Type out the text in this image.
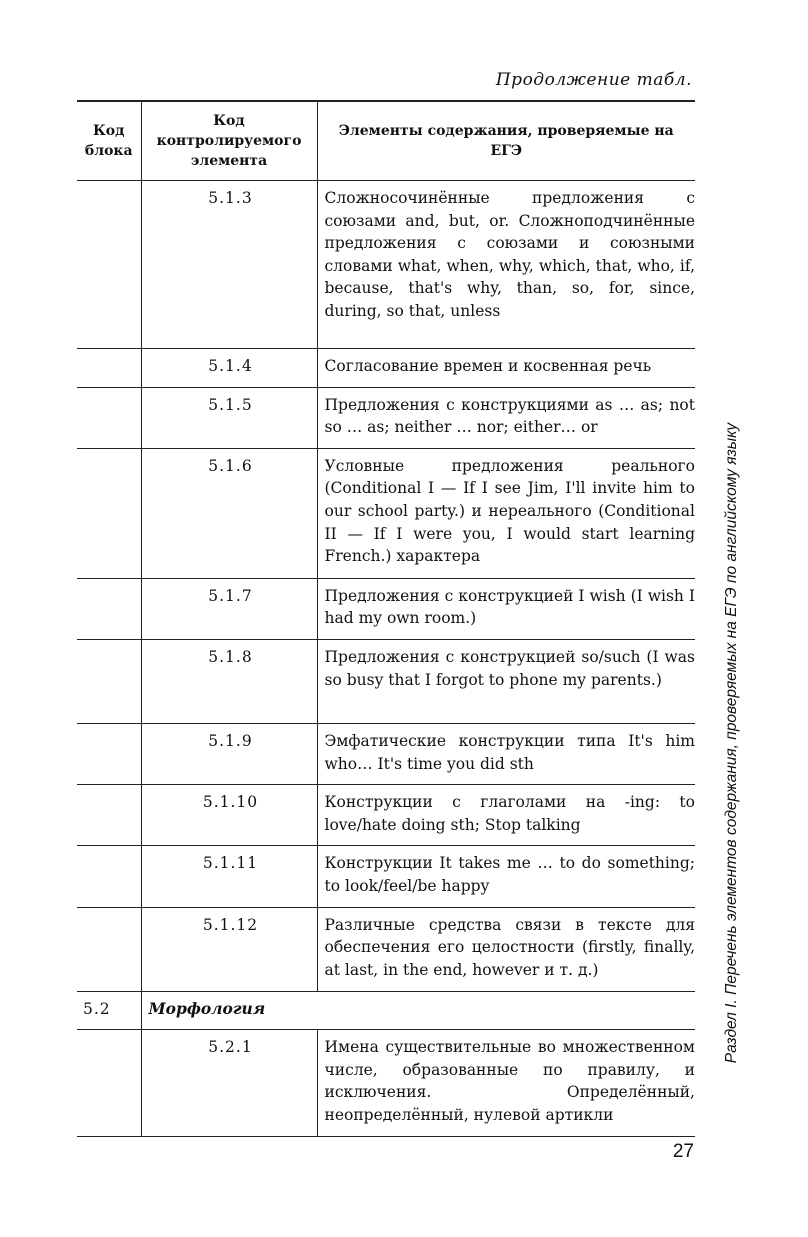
Продолжение табл.
Код блока	Код контролируемого элемента	Элементы содержания, проверяемые на ЕГЭ
	5.1.3	Сложносочинённые предложения с союзами and, but, or. Сложноподчинённые предложения с союзами и союзными словами what, when, why, which, that, who, if, because, that's why, than, so, for, since, during, so that, unless
	5.1.4	Согласование времен и косвенная речь
	5.1.5	Предложения с конструкциями as … as; not so … as; neither … nor; either… or
	5.1.6	Условные предложения реального (Conditional I — If I see Jim, I'll invite him to our school party.) и нереального (Conditional II — If I were you, I would start learning French.) характера
	5.1.7	Предложения с конструкцией I wish (I wish I had my own room.)
	5.1.8	Предложения с конструкцией so/such (I was so busy that I forgot to phone my parents.)
	5.1.9	Эмфатические конструкции типа It's him who… It's time you did sth
	5.1.10	Конструкции с глаголами на -ing: to love/hate doing sth; Stop talking
	5.1.11	Конструкции It takes me … to do something; to look/feel/be happy
	5.1.12	Различные средства связи в тексте для обеспечения его целостности (firstly, finally, at last, in the end, however и т. д.)
5.2	Морфология	
	5.2.1	Имена существительные во множественном числе, образованные по правилу, и исключения. Определённый, неопределённый, нулевой артикли
Раздел I. Перечень элементов содержания, проверяемых на ЕГЭ по английскому языку
27
